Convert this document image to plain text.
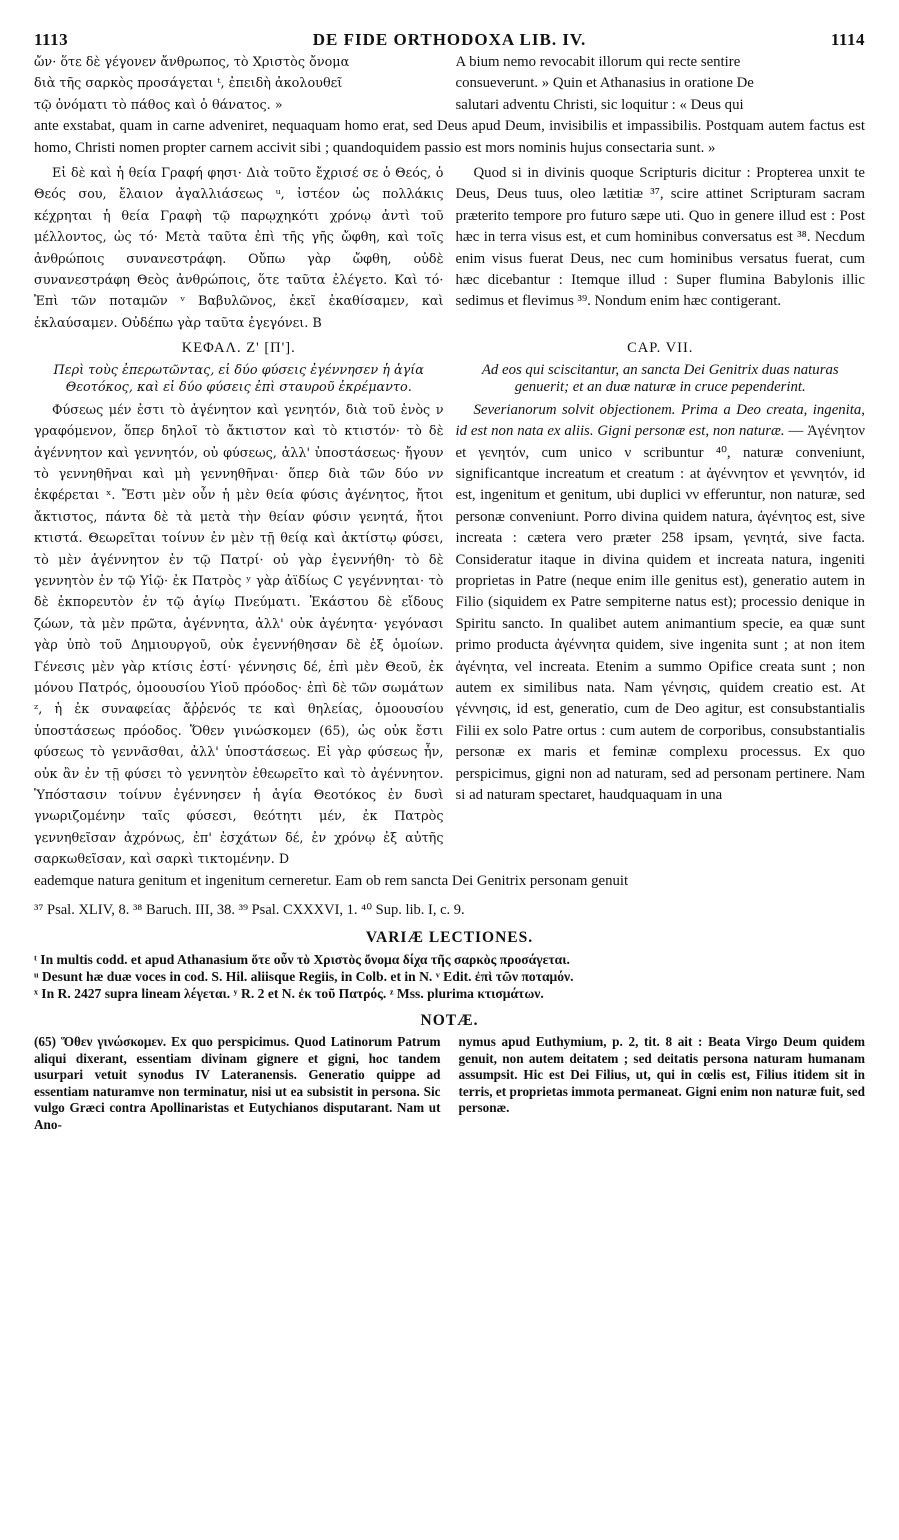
1113	DE FIDE ORTHODOXA LIB. IV.	1114
ὤν· ὅτε δὲ γέγονεν ἄνθρωπος, τὸ Χριστὸς ὄνομα
διὰ τῆς σαρκὸς προσάγεται ᵗ, ἐπειδὴ ἀκολουθεῖ
τῷ ὀνόματι τὸ πάθος καὶ ὁ θάνατος. »
A bium nemo revocabit illorum qui recte sentire
consueverunt. » Quin et Athanasius in oratione De
salutari adventu Christi, sic loquitur : « Deus qui

ante exstabat, quam in carne adveniret, nequaquam homo erat, sed Deus apud Deum, invisibilis et impassibilis. Postquam autem factus est homo, Christi nomen propter carnem accivit sibi ; quandoquidem passio est mors nominis hujus consectaria sunt. »

Εἰ δὲ καὶ ἡ θεία Γραφή φησι· Διὰ τοῦτο ἔχρισέ σε ὁ Θεός, ὁ Θεός σου, ἔλαιον ἀγαλλιάσεως ᵘ, ἰστέον ὡς πολλάκις κέχρηται ἡ θεία Γραφὴ τῷ παρῳχηκότι χρόνῳ ἀντὶ τοῦ μέλλοντος, ὡς τό· Μετὰ ταῦτα ἐπὶ τῆς γῆς ὤφθη, καὶ τοῖς ἀνθρώποις συνανεστράφη. Οὔπω γὰρ ὤφθη, οὐδὲ συνανεστράφη Θεὸς ἀνθρώποις, ὅτε ταῦτα ἐλέγετο. Καὶ τό· Ἐπὶ τῶν ποταμῶν ᵛ Βαβυλῶνος, ἐκεῖ ἐκαθίσαμεν, καὶ ἐκλαύσαμεν. Οὐδέπω γὰρ ταῦτα ἐγεγόνει. B

Quod si in divinis quoque Scripturis dicitur : Propterea unxit te Deus, Deus tuus, oleo lætitiæ ³⁷, scire attinet Scripturam sacram præterito tempore pro futuro sæpe uti. Quo in genere illud est : Post hæc in terra visus est, et cum hominibus conversatus est ³⁸. Necdum enim visus fuerat Deus, nec cum hominibus versatus fuerat, cum hæc dicebantur : Itemque illud : Super flumina Babylonis illic sedimus et flevimus ³⁹. Nondum enim hæc contigerant.

ΚΕΦΑΛ. Ζ' [Π'].

Περὶ τοὺς ἐπερωτῶντας, εἰ δύο φύσεις ἐγέννησεν ἡ ἁγία Θεοτόκος, καὶ εἰ δύο φύσεις ἐπὶ σταυροῦ ἐκρέμαντο.

CAP. VII.

Ad eos qui sciscitantur, an sancta Dei Genitrix duas naturas genuerit; et an duæ naturæ in cruce pependerint.

Φύσεως μέν ἐστι τὸ ἀγένητον καὶ γενητόν, διὰ τοῦ ἑνὸς ν γραφόμενον, ὅπερ δηλοῖ τὸ ἄκτιστον καὶ τὸ κτιστόν· τὸ δὲ ἀγέννητον καὶ γεννητόν, οὐ φύσεως, ἀλλ' ὑποστάσεως· ἤγουν τὸ γεννηθῆναι καὶ μὴ γεννηθῆναι· ὅπερ διὰ τῶν δύο νν ἐκφέρεται ˣ. Ἔστι μὲν οὖν ἡ μὲν θεία φύσις ἀγένητος, ἤτοι ἄκτιστος, πάντα δὲ τὰ μετὰ τὴν θείαν φύσιν γενητά, ἤτοι κτιστά. Θεωρεῖται τοίνυν ἐν μὲν τῇ θείᾳ καὶ ἀκτίστῳ φύσει, τὸ μὲν ἀγέννητον ἐν τῷ Πατρί· οὐ γὰρ ἐγεννήθη· τὸ δὲ γεννητὸν ἐν τῷ Υἱῷ· ἐκ Πατρὸς ʸ γὰρ ἀϊδίως C γεγέννηται· τὸ δὲ ἐκπορευτὸν ἐν τῷ ἁγίῳ Πνεύματι. Ἑκάστου δὲ εἴδους ζώων, τὰ μὲν πρῶτα, ἀγέννητα, ἀλλ' οὐκ ἀγένητα· γεγόνασι γὰρ ὑπὸ τοῦ Δημιουργοῦ, οὐκ ἐγεννήθησαν δὲ ἐξ ὁμοίων. Γένεσις μὲν γὰρ κτίσις ἐστί· γέννησις δέ, ἐπὶ μὲν Θεοῦ, ἐκ μόνου Πατρός, ὁμοουσίου Υἱοῦ πρόοδος· ἐπὶ δὲ τῶν σωμάτων ᶻ, ἡ ἐκ συναφείας ἄῤῥενός τε καὶ θηλείας, ὁμοουσίου ὑποστάσεως πρόοδος. Ὅθεν γινώσκομεν (65), ὡς οὐκ ἔστι φύσεως τὸ γεννᾶσθαι, ἀλλ' ὑποστάσεως. Εἰ γὰρ φύσεως ἦν, οὐκ ἂν ἐν τῇ φύσει τὸ γεννητὸν ἐθεωρεῖτο καὶ τὸ ἀγέννητον. Ὑπόστασιν τοίνυν ἐγέννησεν ἡ ἁγία Θεοτόκος ἐν δυσὶ γνωριζομένην ταῖς φύσεσι, θεότητι μέν, ἐκ Πατρὸς γεννηθεῖσαν ἀχρόνως, ἐπ' ἐσχάτων δέ, ἐν χρόνῳ ἐξ αὐτῆς σαρκωθεῖσαν, καὶ σαρκὶ τικτομένην. D

Severianorum solvit objectionem. Prima a Deo creata, ingenita, id est non nata ex aliis. Gigni personæ est, non naturæ. — Ἀγένητον et γενητόν, cum unico ν scribuntur ⁴⁰, naturæ conveniunt, significantque increatum et creatum : at ἀγέννητον et γεννητόν, id est, ingenitum et genitum, ubi duplici νν efferuntur, non naturæ, sed personæ conveniunt. Porro divina quidem natura, ἀγένητος est, sive increata : cætera vero præter 258 ipsam, γενητά, sive facta. Consideratur itaque in divina quidem et increata natura, ingeniti proprietas in Patre (neque enim ille genitus est), generatio autem in Filio (siquidem ex Patre sempiterne natus est); processio denique in Spiritu sancto. In qualibet autem animantium specie, ea quæ sunt primo producta ἀγέννητα quidem, sive ingenita sunt ; at non item ἀγένητα, vel increata. Etenim a summo Opifice creata sunt ; non autem ex similibus nata. Nam γένησις, quidem creatio est. At γέννησις, id est, generatio, cum de Deo agitur, est consubstantialis Filii ex solo Patre ortus : cum autem de corporibus, consubstantialis personæ ex maris et feminæ complexu processus. Ex quo perspicimus, gigni non ad naturam, sed ad personam pertinere. Nam si ad naturam spectaret, haudquaquam in una

eademque natura genitum et ingenitum cerneretur. Eam ob rem sancta Dei Genitrix personam genuit

³⁷ Psal. XLIV, 8. ³⁸ Baruch. III, 38. ³⁹ Psal. CXXXVI, 1. ⁴⁰ Sup. lib. I, c. 9.
VARIÆ LECTIONES.
ᵗ In multis codd. et apud Athanasium ὅτε οὖν τὸ Χριστὸς ὄνομα δίχα τῆς σαρκὸς προσάγεται.
ᵘ Desunt hæ duæ voces in cod. S. Hil. aliisque Regiis, in Colb. et in N. ᵛ Edit. ἐπὶ τῶν ποταμόν.
ˣ In R. 2427 supra lineam λέγεται. ʸ R. 2 et N. ἐκ τοῦ Πατρός. ᶻ Mss. plurima κτισμάτων.
NOTÆ.
(65) Ὅθεν γινώσκομεν. Ex quo perspicimus. Quod Latinorum Patrum aliqui dixerant, essentiam divinam gignere et gigni, hoc tandem usurpari vetuit synodus IV Lateranensis. Generatio quippe ad essentiam naturamve non terminatur, nisi ut ea subsistit in persona. Sic vulgo Græci contra Apollinaristas et Eutychianos disputarant. Nam ut Ano-
nymus apud Euthymium, p. 2, tit. 8 ait : Beata Virgo Deum quidem genuit, non autem deitatem ; sed deitatis persona naturam humanam assumpsit. Hic est Dei Filius, ut, qui in cœlis est, Filius itidem sit in terris, et proprietas immota permaneat. Gigni enim non naturæ fuit, sed personæ.
